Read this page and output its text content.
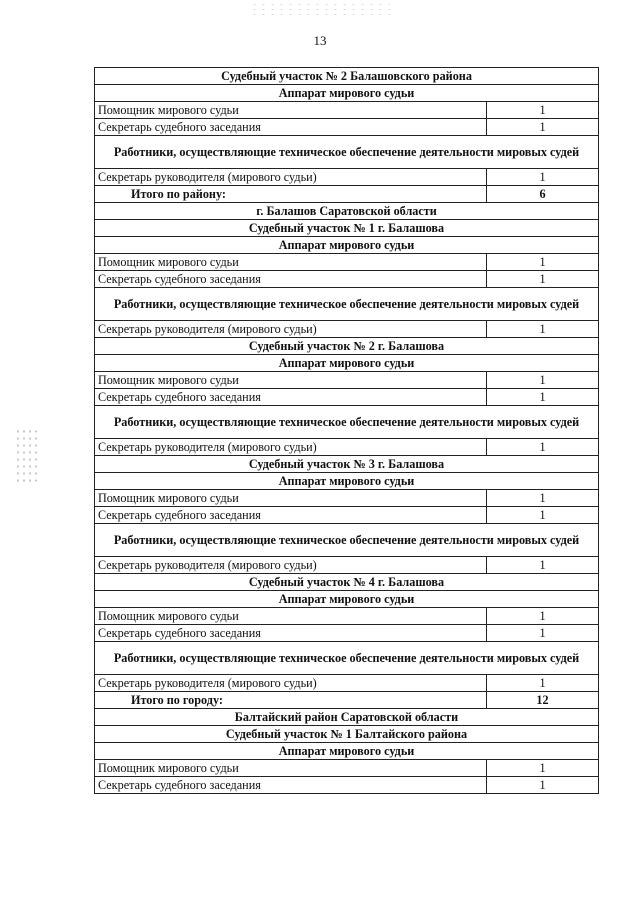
13
Судебный участок № 2 Балашовского района	
Аппарат мирового судьи	
Помощник мирового судьи	1
Секретарь судебного заседания	1
Работники, осуществляющие техническое обеспечение деятельности мировых судей	
Секретарь руководителя (мирового судьи)	1
Итого по району:	6
г. Балашов Саратовской области	
Судебный участок № 1 г. Балашова	
Аппарат мирового судьи	
Помощник мирового судьи	1
Секретарь судебного заседания	1
Работники, осуществляющие техническое обеспечение деятельности мировых судей	
Секретарь руководителя (мирового судьи)	1
Судебный участок № 2 г. Балашова	
Аппарат мирового судьи	
Помощник мирового судьи	1
Секретарь судебного заседания	1
Работники, осуществляющие техническое обеспечение деятельности мировых судей	
Секретарь руководителя (мирового судьи)	1
Судебный участок № 3 г. Балашова	
Аппарат мирового судьи	
Помощник мирового судьи	1
Секретарь судебного заседания	1
Работники, осуществляющие техническое обеспечение деятельности мировых судей	
Секретарь руководителя (мирового судьи)	1
Судебный участок № 4 г. Балашова	
Аппарат мирового судьи	
Помощник мирового судьи	1
Секретарь судебного заседания	1
Работники, осуществляющие техническое обеспечение деятельности мировых судей	
Секретарь руководителя (мирового судьи)	1
Итого по городу:	12
Балтайский район Саратовской области	
Судебный участок № 1 Балтайского района	
Аппарат мирового судьи	
Помощник мирового судьи	1
Секретарь судебного заседания	1
